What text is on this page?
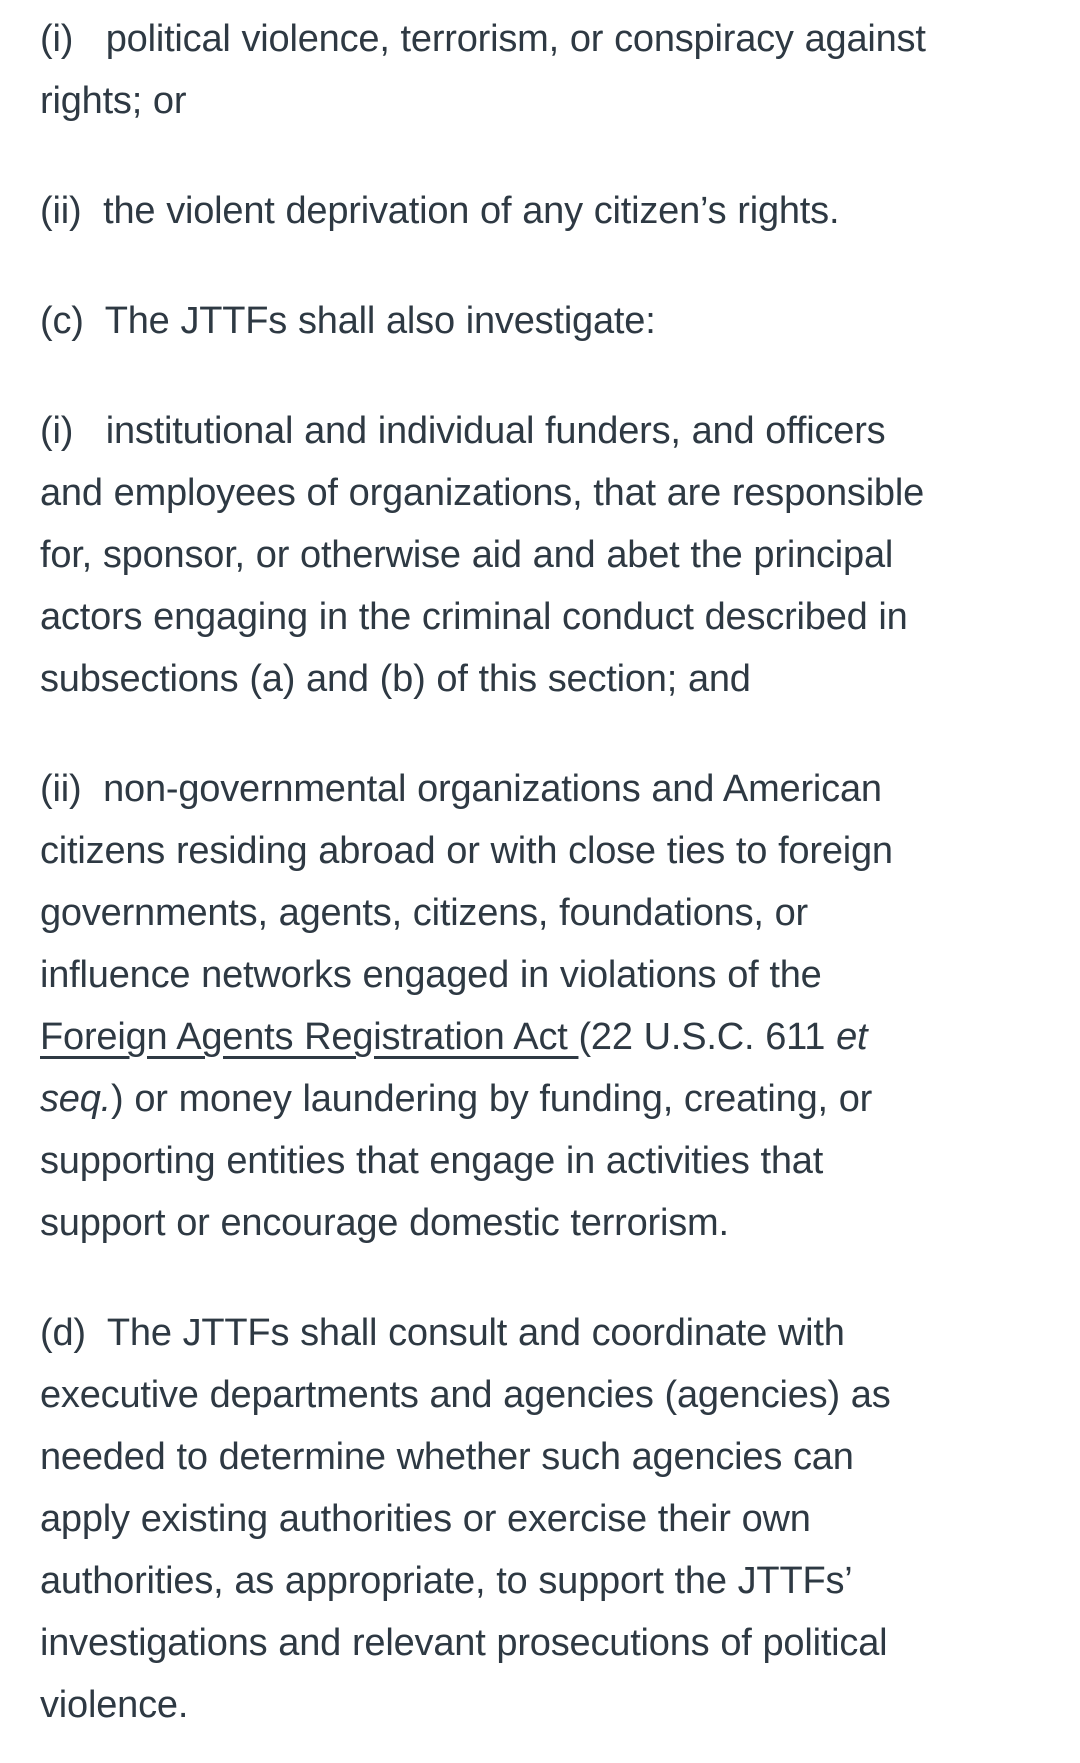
(i)   political violence, terrorism, or conspiracy against rights; or

(ii)  the violent deprivation of any citizen’s rights.

(c)  The JTTFs shall also investigate:

(i)   institutional and individual funders, and officers and employees of organizations, that are responsible for, sponsor, or otherwise aid and abet the principal actors engaging in the criminal conduct described in subsections (a) and (b) of this section; and

(ii)  non-governmental organizations and American citizens residing abroad or with close ties to foreign governments, agents, citizens, foundations, or influence networks engaged in violations of the Foreign Agents Registration Act (22 U.S.C. 611 et seq.) or money laundering by funding, creating, or supporting entities that engage in activities that support or encourage domestic terrorism.

(d)  The JTTFs shall consult and coordinate with executive departments and agencies (agencies) as needed to determine whether such agencies can apply existing authorities or exercise their own authorities, as appropriate, to support the JTTFs’ investigations and relevant prosecutions of political violence.
